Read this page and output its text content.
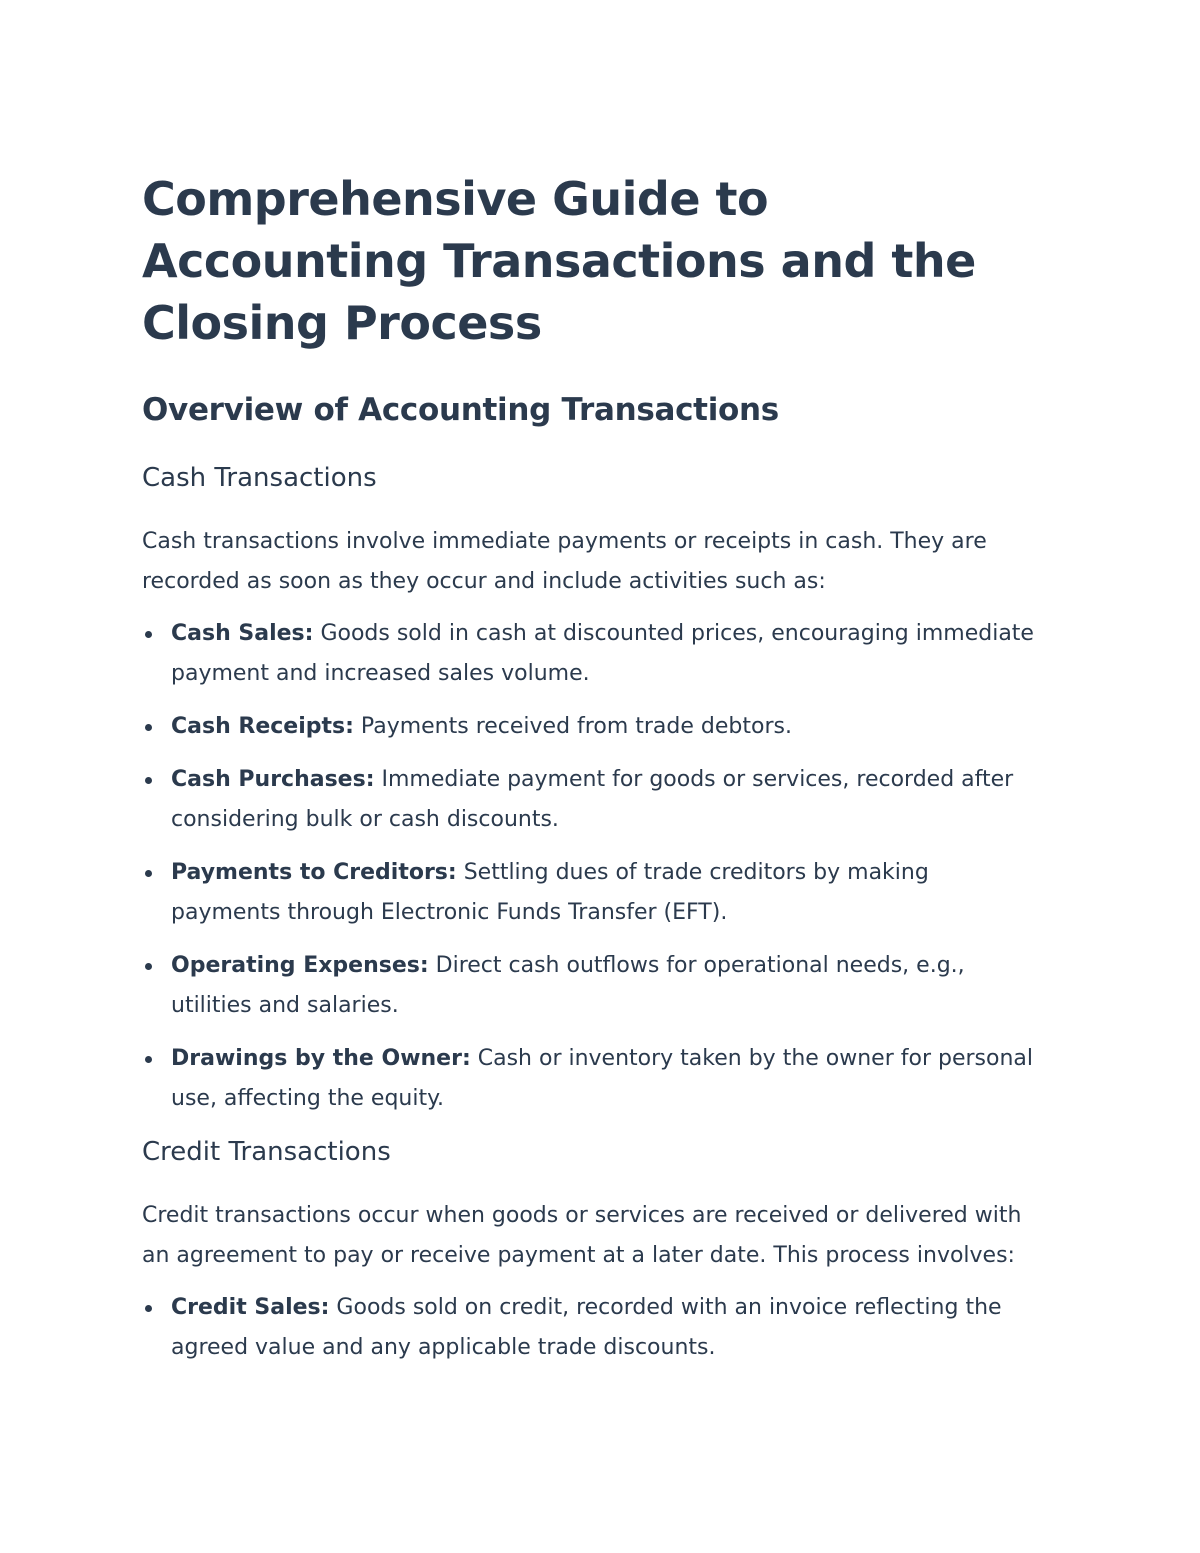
Comprehensive Guide to Accounting Transactions and the Closing Process
Overview of Accounting Transactions
Cash Transactions

Cash transactions involve immediate payments or receipts in cash. They are recorded as soon as they occur and include activities such as:

Cash Sales: Goods sold in cash at discounted prices, encouraging immediate payment and increased sales volume.
Cash Receipts: Payments received from trade debtors.
Cash Purchases: Immediate payment for goods or services, recorded after considering bulk or cash discounts.
Payments to Creditors: Settling dues of trade creditors by making payments through Electronic Funds Transfer (EFT).
Operating Expenses: Direct cash outflows for operational needs, e.g., utilities and salaries.
Drawings by the Owner: Cash or inventory taken by the owner for personal use, affecting the equity.
Credit Transactions

Credit transactions occur when goods or services are received or delivered with an agreement to pay or receive payment at a later date. This process involves:

Credit Sales: Goods sold on credit, recorded with an invoice reflecting the agreed value and any applicable trade discounts.
